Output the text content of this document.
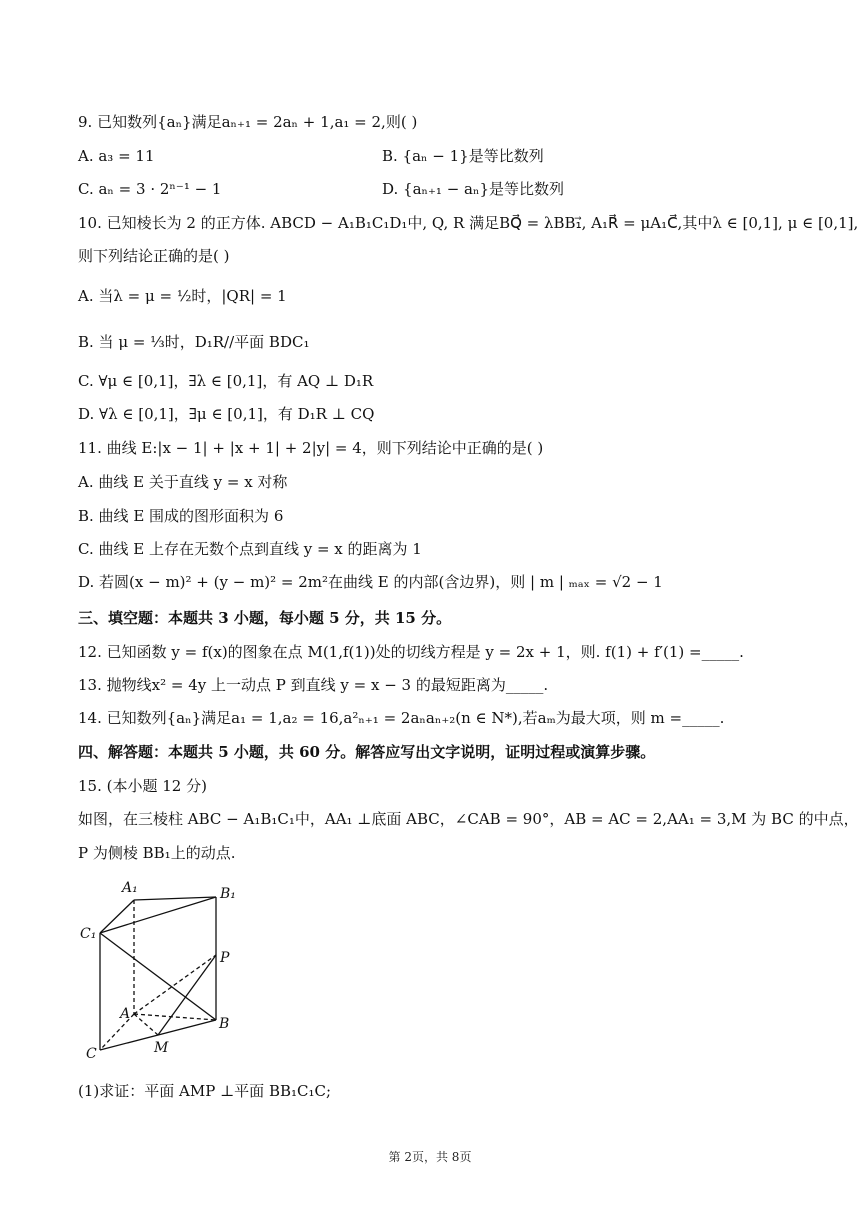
9. 已知数列{aₙ}满足aₙ₊₁ = 2aₙ + 1,a₁ = 2,则( )
A. a₃ = 11	B. {aₙ − 1}是等比数列
C. aₙ = 3 · 2ⁿ⁻¹ − 1	D. {aₙ₊₁ − aₙ}是等比数列
10. 已知棱长为 2 的正方体. ABCD − A₁B₁C₁D₁中, Q, R 满足BQ⃗ = λBB₁⃗, A₁R⃗ = μA₁C⃗,其中λ ∈ [0,1], μ ∈ [0,1],
则下列结论正确的是( )
A. 当λ = μ = ½时，|QR| = 1
B. 当 μ = ⅓时，D₁R//平面 BDC₁
C. ∀μ ∈ [0,1]，∃λ ∈ [0,1]，有 AQ ⊥ D₁R
D. ∀λ ∈ [0,1]，∃μ ∈ [0,1]，有 D₁R ⊥ CQ
11. 曲线 E:|x − 1| + |x + 1| + 2|y| = 4，则下列结论中正确的是( )
A. 曲线 E 关于直线 y = x 对称
B. 曲线 E 围成的图形面积为 6
C. 曲线 E 上存在无数个点到直线 y = x 的距离为 1
D. 若圆(x − m)² + (y − m)² = 2m²在曲线 E 的内部(含边界)，则 | m | ₘₐₓ = √2 − 1
三、填空题：本题共 3 小题，每小题 5 分，共 15 分。
12. 已知函数 y = f(x)的图象在点 M(1,f(1))处的切线方程是 y = 2x + 1，则. f(1) + f′(1) =_____.
13. 抛物线x² = 4y 上一动点 P 到直线 y = x − 3 的最短距离为_____.
14. 已知数列{aₙ}满足a₁ = 1,a₂ = 16,a²ₙ₊₁ = 2aₙaₙ₊₂(n ∈ N*),若aₘ为最大项，则 m =_____.
四、解答题：本题共 5 小题，共 60 分。解答应写出文字说明，证明过程或演算步骤。
15. (本小题 12 分)
如图，在三棱柱 ABC − A₁B₁C₁中，AA₁ ⊥底面 ABC，∠CAB = 90°，AB = AC = 2,AA₁ = 3,M 为 BC 的中点，
P 为侧棱 BB₁上的动点.
A₁	B₁
C₁
P
A
B
C	M
(1)求证：平面 AMP ⊥平面 BB₁C₁C;
第 2页，共 8页
